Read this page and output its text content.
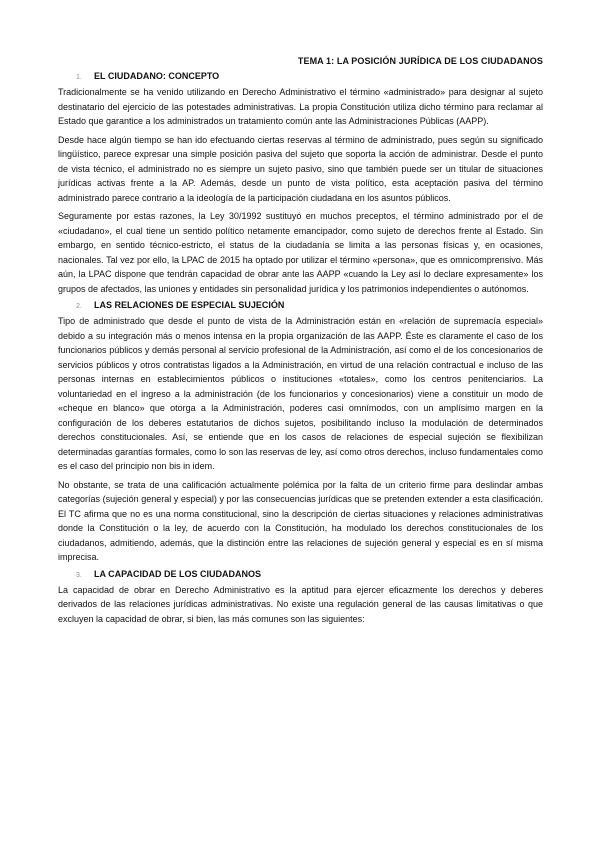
TEMA 1: LA POSICIÓN JURÍDICA DE LOS CIUDADANOS
1. EL CIUDADANO: CONCEPTO

Tradicionalmente se ha venido utilizando en Derecho Administrativo el término «administrado» para designar al sujeto destinatario del ejercicio de las potestades administrativas. La propia Constitución utiliza dicho término para reclamar al Estado que garantice a los administrados un tratamiento común ante las Administraciones Públicas (AAPP).

Desde hace algún tiempo se han ido efectuando ciertas reservas al término de administrado, pues según su significado lingüístico, parece expresar una simple posición pasiva del sujeto que soporta la acción de administrar. Desde el punto de vista técnico, el administrado no es siempre un sujeto pasivo, sino que también puede ser un titular de situaciones jurídicas activas frente a la AP. Además, desde un punto de vista político, esta aceptación pasiva del término administrado parece contrario a la ideología de la participación ciudadana en los asuntos públicos.

Seguramente por estas razones, la Ley 30/1992 sustituyó en muchos preceptos, el término administrado por el de «ciudadano», el cual tiene un sentido político netamente emancipador, como sujeto de derechos frente al Estado. Sin embargo, en sentido técnico-estricto, el status de la ciudadanía se limita a las personas físicas y, en ocasiones, nacionales. Tal vez por ello, la LPAC de 2015 ha optado por utilizar el término «persona», que es omnicomprensivo. Más aún, la LPAC dispone que tendrán capacidad de obrar ante las AAPP «cuando la Ley así lo declare expresamente» los grupos de afectados, las uniones y entidades sin personalidad jurídica y los patrimonios independientes o autónomos.

2. LAS RELACIONES DE ESPECIAL SUJECIÓN

Tipo de administrado que desde el punto de vista de la Administración están en «relación de supremacía especial» debido a su integración más o menos intensa en la propia organización de las AAPP. Éste es claramente el caso de los funcionarios públicos y demás personal al servicio profesional de la Administración, así como el de los concesionarios de servicios públicos y otros contratistas ligados a la Administración, en virtud de una relación contractual e incluso de las personas internas en establecimientos públicos o instituciones «totales», como los centros penitenciarios. La voluntariedad en el ingreso a la administración (de los funcionarios y concesionarios) viene a constituir un modo de «cheque en blanco» que otorga a la Administración, poderes casi omnímodos, con un amplísimo margen en la configuración de los deberes estatutarios de dichos sujetos, posibilitando incluso la modulación de determinados derechos constitucionales. Así, se entiende que en los casos de relaciones de especial sujeción se flexibilizan determinadas garantías formales, como lo son las reservas de ley, así como otros derechos, incluso fundamentales como es el caso del principio non bis in idem.

No obstante, se trata de una calificación actualmente polémica por la falta de un criterio firme para deslindar ambas categorías (sujeción general y especial) y por las consecuencias jurídicas que se pretenden extender a esta clasificación. El TC afirma que no es una norma constitucional, sino la descripción de ciertas situaciones y relaciones administrativas donde la Constitución o la ley, de acuerdo con la Constitución, ha modulado los derechos constitucionales de los ciudadanos, admitiendo, además, que la distinción entre las relaciones de sujeción general y especial es en sí misma imprecisa.

3. LA CAPACIDAD DE LOS CIUDADANOS

La capacidad de obrar en Derecho Administrativo es la aptitud para ejercer eficazmente los derechos y deberes derivados de las relaciones jurídicas administrativas. No existe una regulación general de las causas limitativas o que excluyen la capacidad de obrar, si bien, las más comunes son las siguientes:
